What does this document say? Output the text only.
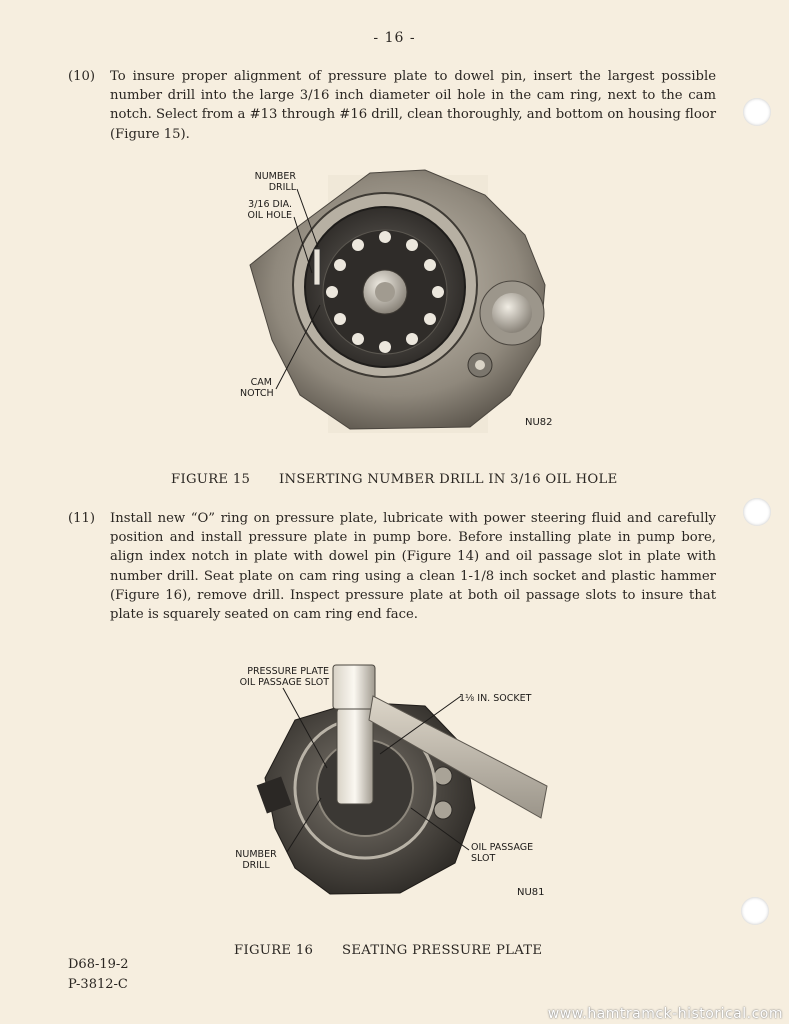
- 16 -
(10) To insure proper alignment of pressure plate to dowel pin, insert the largest possible number drill into the large 3/16 inch diameter oil hole in the cam ring, next to the cam notch. Select from a #13 through #16 drill, clean thoroughly, and bottom on housing floor (Figure 15).
NUMBER
DRILL
3/16 DIA.
OIL HOLE
CAM
NOTCH
NU82
FIGURE 15 INSERTING NUMBER DRILL IN 3/16 OIL HOLE
(11) Install new “O” ring on pressure plate, lubricate with power steering fluid and carefully position and install pressure plate in pump bore. Before installing plate in pump bore, align index notch in plate with dowel pin (Figure 14) and oil passage slot in plate with number drill. Seat plate on cam ring using a clean 1-1/8 inch socket and plastic hammer (Figure 16), remove drill. Inspect pressure plate at both oil passage slots to insure that plate is squarely seated on cam ring end face.
PRESSURE PLATE
OIL PASSAGE SLOT
1⅛ IN. SOCKET
NUMBER
DRILL
OIL PASSAGE
SLOT
NU81
FIGURE 16 SEATING PRESSURE PLATE
D68-19-2
P-3812-C
www.hamtramck-historical.com
